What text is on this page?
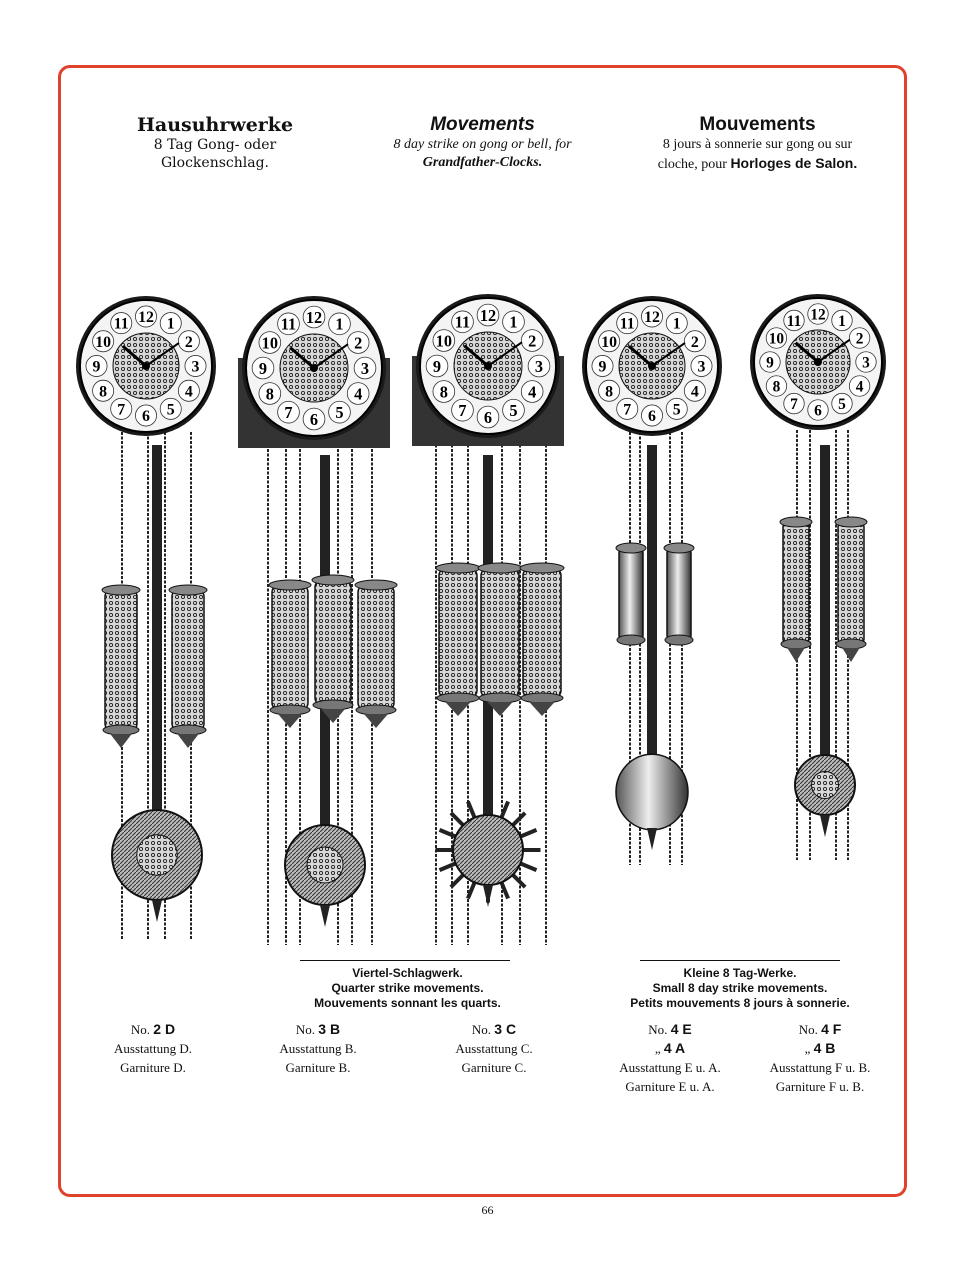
Hausuhrwerke
8 Tag Gong- oder Glockenschlag.
Movements
8 day strike on gong or bell, for
Grandfather-Clocks.
Mouvements
8 jours à sonnerie sur gong ou sur
cloche, pour Horloges de Salon.
12 1
2
3
4
5
6
7
8
9
10
11	12 1
2
3
4
5
6
7
8
9
10
11	12 1
2
3
4
5
6
7
8
9
10
11	12 1
2
3
4
5
6
7
8
9
10
11
12 1
2
3
4
5
6
7
8
9
10
11
Viertel-Schlagwerk.
Quarter strike movements.
Mouvements sonnant les quarts.
Kleine 8 Tag-Werke.
Small 8 day strike movements.
Petits mouvements 8 jours à sonnerie.
No. 2 D
Ausstattung D.
Garniture D.
No. 3 B
Ausstattung B.
Garniture B.
No. 3 C
Ausstattung C.
Garniture C.
No. 4 E
„ 4 A
Ausstattung E u. A.
Garniture E u. A.
No. 4 F
„ 4 B
Ausstattung F u. B.
Garniture F u. B.
66
